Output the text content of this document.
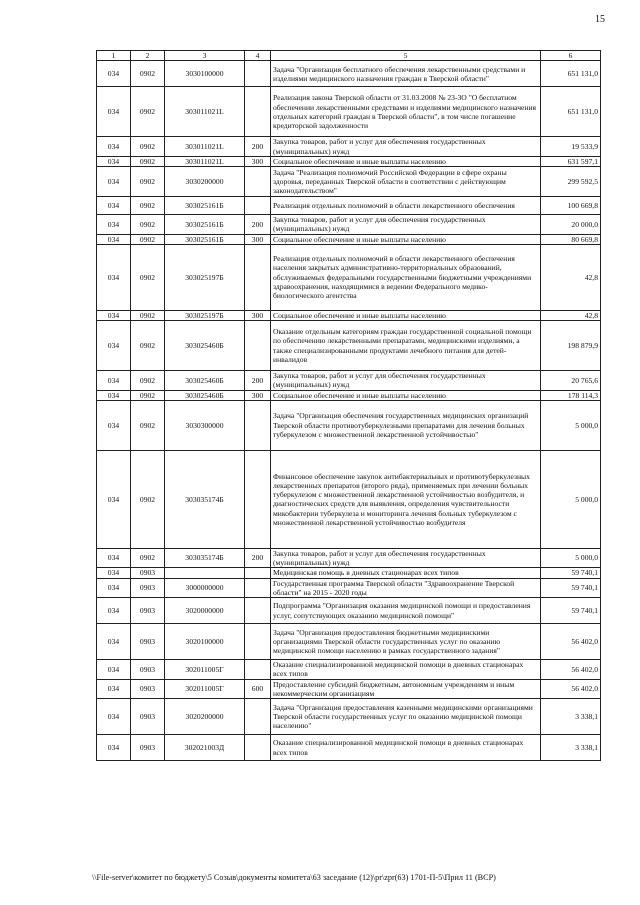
15
1	2	3	4	5	6
034	0902	3030100000		Задача "Организация бесплатного обеспечения лекарственными средствами и изделиями медицинского назначения граждан в Тверской области"	651 131,0
034	0902	303011021L		Реализация закона Тверской области от 31.03.2008 № 23-ЗО "О бесплатном обеспечении лекарственными средствами и изделиями медицинского назначения отдельных категорий граждан в Тверской области", в том числе погашение кредиторской задолженности	651 131,0
034	0902	303011021L	200	Закупка товаров, работ и услуг для обеспечения государственных (муниципальных) нужд	19 533,9
034	0902	303011021L	300	Социальное обеспечение и иные выплаты населению	631 597,1
034	0902	3030200000		Задача "Реализация полномочий Российской Федерации в сфере охраны здоровья, переданных Тверской области в соответствии с действующим законодательством"	299 592,5
034	0902	303025161Б		Реализация отдельных полномочий в области лекарственного обеспечения	100 669,8
034	0902	303025161Б	200	Закупка товаров, работ и услуг для обеспечения государственных (муниципальных) нужд	20 000,0
034	0902	303025161Б	300	Социальное обеспечение и иные выплаты населению	80 669,8
034	0902	303025197Б		Реализация отдельных полномочий в области лекарственного обеспечения населения закрытых административно-территориальных образований, обслуживаемых федеральными государственными бюджетными учреждениями здравоохранения, находящимися в ведении Федерального медико-биологического агентства	42,8
034	0902	303025197Б	300	Социальное обеспечение и иные выплаты населению	42,8
034	0902	303025460Б		Оказание отдельным категориям граждан государственной социальной помощи по обеспечению лекарственными препаратами, медицинскими изделиями, а также специализированными продуктами лечебного питания для детей-инвалидов	198 879,9
034	0902	303025460Б	200	Закупка товаров, работ и услуг для обеспечения государственных (муниципальных) нужд	20 765,6
034	0902	303025460Б	300	Социальное обеспечение и иные выплаты населению	178 114,3
034	0902	3030300000		Задача "Организация обеспечения государственных медицинских организаций Тверской области противотуберкулезными препаратами для лечения больных туберкулезом с множественной лекарственной устойчивостью"	5 000,0
034	0902	303035174Б		Финансовое обеспечение закупок антибактериальных и противотуберкулезных лекарственных препаратов (второго ряда), применяемых при лечении больных туберкулезом с множественной лекарственной устойчивостью возбудителя, и диагностических средств для выявления, определения чувствительности микобактерии туберкулеза и мониторинга лечения больных туберкулезом с множественной лекарственной устойчивостью возбудителя	5 000,0
034	0902	303035174Б	200	Закупка товаров, работ и услуг для обеспечения государственных (муниципальных) нужд	5 000,0
034	0903			Медицинская помощь в дневных стационарах всех типов	59 740,1
034	0903	3000000000		Государственная программа Тверской области "Здравоохранение Тверской области" на 2015 - 2020 годы	59 740,1
034	0903	3020000000		Подпрограмма "Организация оказания медицинской помощи и предоставления услуг, сопутствующих оказанию медицинской помощи"	59 740,1
034	0903	3020100000		Задача "Организация предоставления бюджетными медицинскими организациями Тверской области государственных услуг по оказанию медицинской помощи населению в рамках государственного задания"	56 402,0
034	0903	302011005Г		Оказание специализированной медицинской помощи в дневных стационарах всех типов	56 402,0
034	0903	302011005Г	600	Предоставление субсидий бюджетным, автономным учреждениям и иным некоммерческим организациям	56 402,0
034	0903	3020200000		Задача "Организация предоставления казенными медицинскими организациями Тверской области государственных услуг по оказанию медицинской помощи населению"	3 338,1
034	0903	302021003Д		Оказание специализированной медицинской помощи в дневных стационарах всех типов	3 338,1
\\File-server\комитет по бюджету\5 Созыв\документы комитета\63 заседание (12)\pr\zpr(63) 1701-П-5\Прил 11 (ВСР)
